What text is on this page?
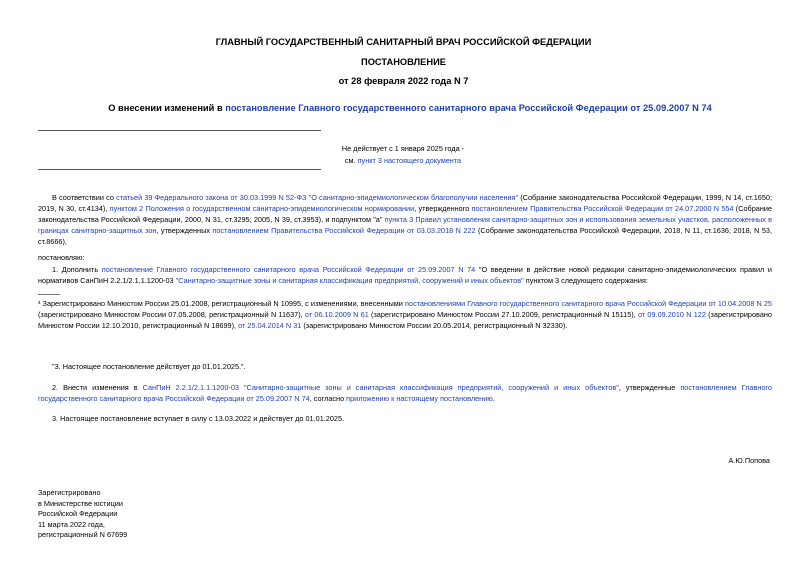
ГЛАВНЫЙ ГОСУДАРСТВЕННЫЙ САНИТАРНЫЙ ВРАЧ РОССИЙСКОЙ ФЕДЕРАЦИИ
ПОСТАНОВЛЕНИЕ
от 28 февраля 2022 года N 7
О внесении изменений в постановление Главного государственного санитарного врача Российской Федерации от 25.09.2007 N 74
Не действует с 1 января 2025 года -
см. пункт 3 настоящего документа
В соответствии со статьей 39 Федерального закона от 30.03.1999 N 52-ФЗ "О санитарно-эпидемиологическом благополучии населения" (Собрание законодательства Российской Федерации, 1999, N 14, ст.1650; 2019, N 30, ст.4134), пунктом 2 Положения о государственном санитарно-эпидемиологическом нормировании, утвержденного постановлением Правительства Российской Федерации от 24.07.2000 N 554 (Собрание законодательства Российской Федерации, 2000, N 31, ст.3295; 2005, N 39, ст.3953), и подпунктом "а" пункта 3 Правил установления санитарно-защитных зон и использования земельных участков, расположенных в границах санитарно-защитных зон, утвержденных постановлением Правительства Российской Федерации от 03.03.2018 N 222 (Собрание законодательства Российской Федерации, 2018, N 11, ст.1636; 2018, N 53, ст.8666),
постановляю:
1. Дополнить постановление Главного государственного санитарного врача Российской Федерации от 25.09.2007 N 74 "О введении в действие новой редакции санитарно-эпидемиологических правил и нормативов СанПиН 2.2.1/2.1.1.1200-03 "Санитарно-защитные зоны и санитарная классификация предприятий, сооружений и иных объектов" пунктом 3 следующего содержания:
¹ Зарегистрировано Минюстом России 25.01.2008, регистрационный N 10995, с изменениями, внесенными постановлениями Главного государственного санитарного врача Российской Федерации от 10.04.2008 N 25 (зарегистрировано Минюстом России 07.05.2008, регистрационный N 11637), от 06.10.2009 N 61 (зарегистрировано Минюстом России 27.10.2009, регистрационный N 15115), от 09.09.2010 N 122 (зарегистрировано Минюстом России 12.10.2010, регистрационный N 18699), от 25.04.2014 N 31 (зарегистрировано Минюстом России 20.05.2014, регистрационный N 32330).
"3. Настоящее постановление действует до 01.01.2025.".
2. Внести изменения в СанПиН 2.2.1/2.1.1.1200-03 "Санитарно-защитные зоны и санитарная классификация предприятий, сооружений и иных объектов", утвержденные постановлением Главного государственного санитарного врача Российской Федерации от 25.09.2007 N 74, согласно приложению к настоящему постановлению.
3. Настоящее постановление вступает в силу с 13.03.2022 и действует до 01.01.2025.
А.Ю.Попова
Зарегистрировано
в Министерстве юстиции
Российской Федерации
11 марта 2022 года,
регистрационный N 67699
